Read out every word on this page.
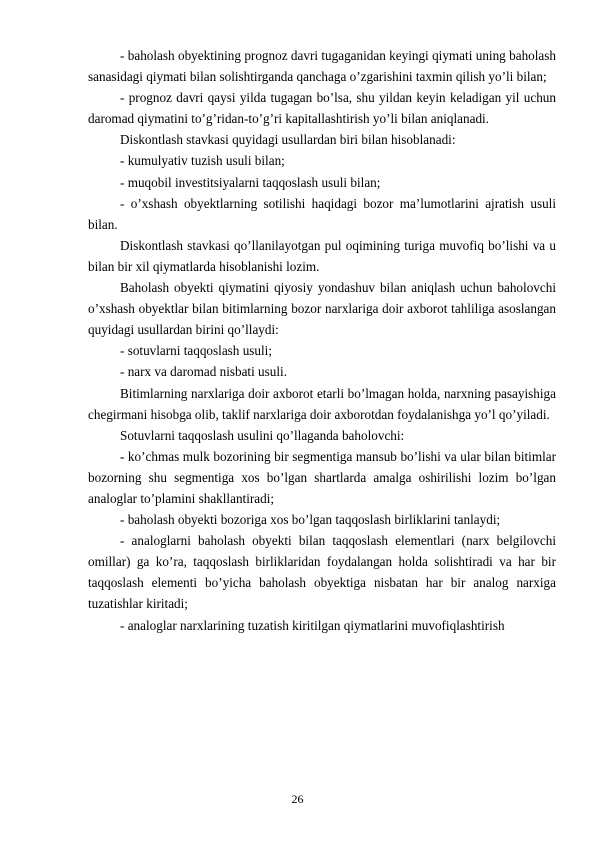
- baholash obyektining prognoz davri tugaganidan keyingi qiymati uning baholash sanasidagi qiymati bilan solishtirganda qanchaga o’zgarishini taxmin qilish yo’li bilan;

- prognoz davri qaysi yilda tugagan bo’lsa, shu yildan keyin keladigan yil uchun daromad qiymatini to’g’ridan-to’g’ri kapitallashtirish yo’li bilan aniqlanadi.

Diskontlash stavkasi quyidagi usullardan biri bilan hisoblanadi:

- kumulyativ tuzish usuli bilan;

- muqobil investitsiyalarni taqqoslash usuli bilan;

- o’xshash obyektlarning sotilishi haqidagi bozor ma’lumotlarini ajratish usuli bilan.

Diskontlash stavkasi qo’llanilayotgan pul oqimining turiga muvofiq bo’lishi va u bilan bir xil qiymatlarda hisoblanishi lozim.

Baholash obyekti qiymatini qiyosiy yondashuv bilan aniqlash uchun baholovchi o’xshash obyektlar bilan bitimlarning bozor narxlariga doir axborot tahliliga asoslangan quyidagi usullardan birini qo’llaydi:

- sotuvlarni taqqoslash usuli;

- narx va daromad nisbati usuli.

Bitimlarning narxlariga doir axborot etarli bo’lmagan holda, narxning pasayishiga chegirmani hisobga olib, taklif narxlariga doir axborotdan foydalanishga yo’l qo’yiladi.

Sotuvlarni taqqoslash usulini qo’llaganda baholovchi:

- ko’chmas mulk bozorining bir segmentiga mansub bo’lishi va ular bilan bitimlar bozorning shu segmentiga xos bo’lgan shartlarda amalga oshirilishi lozim bo’lgan analoglar to’plamini shakllantiradi;

- baholash obyekti bozoriga xos bo’lgan taqqoslash birliklarini tanlaydi;

- analoglarni baholash obyekti bilan taqqoslash elementlari (narx belgilovchi omillar) ga ko’ra, taqqoslash birliklaridan foydalangan holda solishtiradi va har bir taqqoslash elementi bo’yicha baholash obyektiga nisbatan har bir analog narxiga tuzatishlar kiritadi;

- analoglar narxlarining tuzatish kiritilgan qiymatlarini muvofiqlashtirish

26
